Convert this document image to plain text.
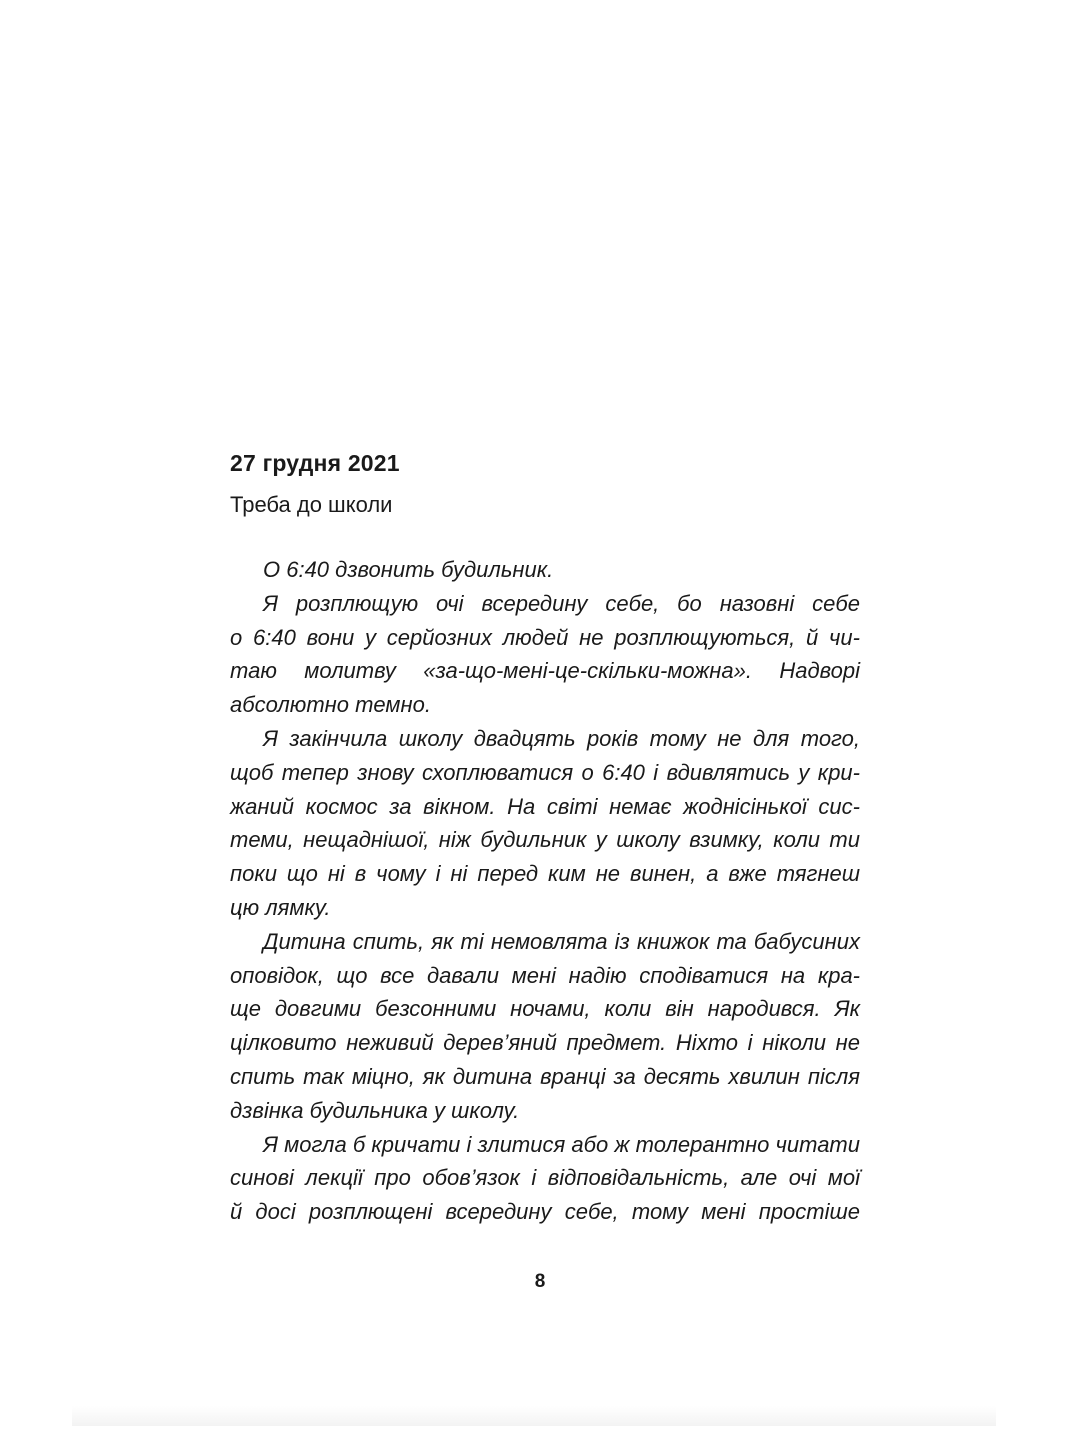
27 грудня 2021

Треба до школи

О 6:40 дзвонить будильник.
Я розплющую очі всередину себе, бо назовні себе
о 6:40 вони у серйозних людей не розплющуються, й чи-
таю молитву «за-що-мені-це-скільки-можна». Надворі
абсолютно темно.
Я закінчила школу двадцять років тому не для того,
щоб тепер знову схоплюватися о 6:40 і вдивлятись у кри-
жаний космос за вікном. На світі немає жоднісінької сис-
теми, нещаднішої, ніж будильник у школу взимку, коли ти
поки що ні в чому і ні перед ким не винен, а вже тягнеш
цю лямку.
Дитина спить, як ті немовлята із книжок та бабусиних
оповідок, що все давали мені надію сподіватися на кра-
ще довгими безсонними ночами, коли він народився. Як
цілковито неживий дерев’яний предмет. Ніхто і ніколи не
спить так міцно, як дитина вранці за десять хвилин після
дзвінка будильника у школу.
Я могла б кричати і злитися або ж толерантно читати
синові лекції про обов’язок і відповідальність, але очі мої
й досі розплющені всередину себе, тому мені простіше

8
